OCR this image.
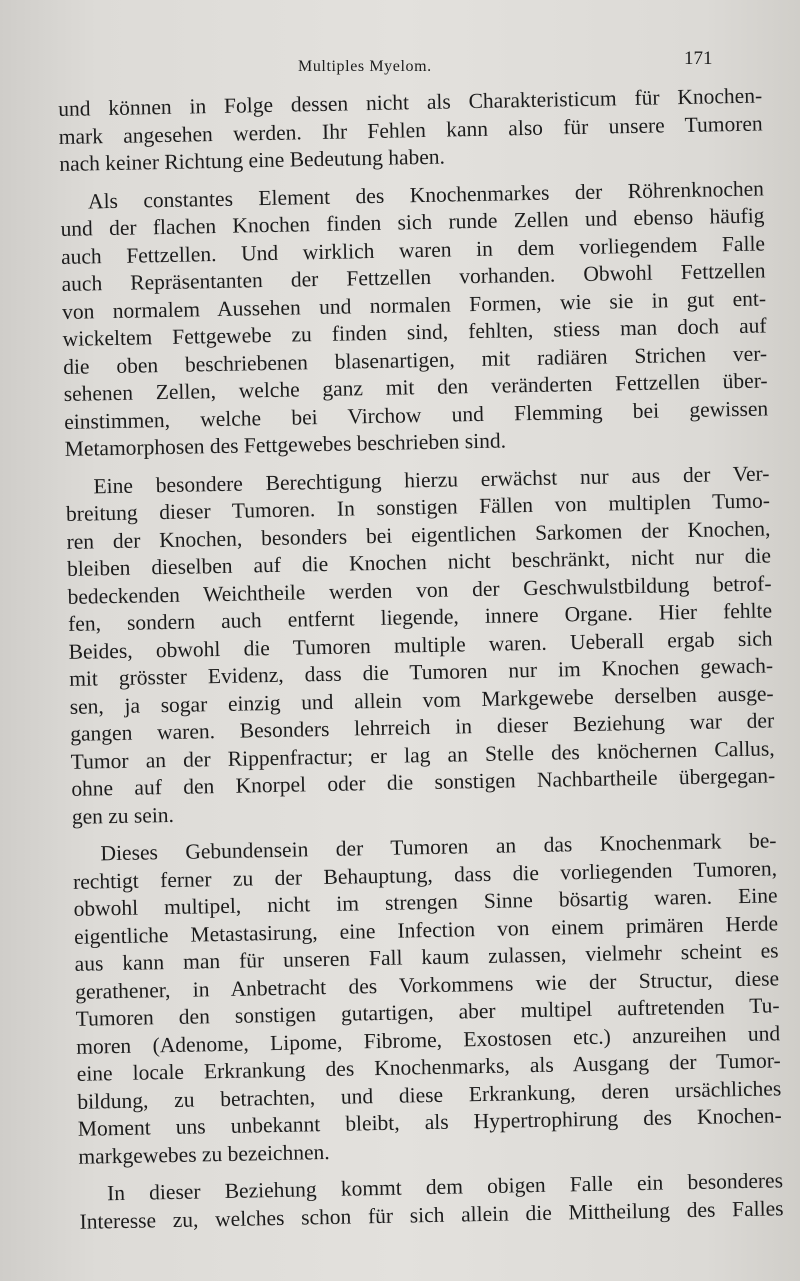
Multiples Myelom.	171
und können in Folge dessen nicht als Charakteristicum für Knochen-
mark angesehen werden. Ihr Fehlen kann also für unsere Tumoren
nach keiner Richtung eine Bedeutung haben.
Als constantes Element des Knochenmarkes der Röhrenknochen
und der flachen Knochen finden sich runde Zellen und ebenso häufig
auch Fettzellen. Und wirklich waren in dem vorliegendem Falle
auch Repräsentanten der Fettzellen vorhanden. Obwohl Fettzellen
von normalem Aussehen und normalen Formen, wie sie in gut ent-
wickeltem Fettgewebe zu finden sind, fehlten, stiess man doch auf
die oben beschriebenen blasenartigen, mit radiären Strichen ver-
sehenen Zellen, welche ganz mit den veränderten Fettzellen über-
einstimmen, welche bei Virchow und Flemming bei gewissen
Metamorphosen des Fettgewebes beschrieben sind.
Eine besondere Berechtigung hierzu erwächst nur aus der Ver-
breitung dieser Tumoren. In sonstigen Fällen von multiplen Tumo-
ren der Knochen, besonders bei eigentlichen Sarkomen der Knochen,
bleiben dieselben auf die Knochen nicht beschränkt, nicht nur die
bedeckenden Weichtheile werden von der Geschwulstbildung betrof-
fen, sondern auch entfernt liegende, innere Organe. Hier fehlte
Beides, obwohl die Tumoren multiple waren. Ueberall ergab sich
mit grösster Evidenz, dass die Tumoren nur im Knochen gewach-
sen, ja sogar einzig und allein vom Markgewebe derselben ausge-
gangen waren. Besonders lehrreich in dieser Beziehung war der
Tumor an der Rippenfractur; er lag an Stelle des knöchernen Callus,
ohne auf den Knorpel oder die sonstigen Nachbartheile übergegan-
gen zu sein.
Dieses Gebundensein der Tumoren an das Knochenmark be-
rechtigt ferner zu der Behauptung, dass die vorliegenden Tumoren,
obwohl multipel, nicht im strengen Sinne bösartig waren. Eine
eigentliche Metastasirung, eine Infection von einem primären Herde
aus kann man für unseren Fall kaum zulassen, vielmehr scheint es
gerathener, in Anbetracht des Vorkommens wie der Structur, diese
Tumoren den sonstigen gutartigen, aber multipel auftretenden Tu-
moren (Adenome, Lipome, Fibrome, Exostosen etc.) anzureihen und
eine locale Erkrankung des Knochenmarks, als Ausgang der Tumor-
bildung, zu betrachten, und diese Erkrankung, deren ursächliches
Moment uns unbekannt bleibt, als Hypertrophirung des Knochen-
markgewebes zu bezeichnen.
In dieser Beziehung kommt dem obigen Falle ein besonderes
Interesse zu, welches schon für sich allein die Mittheilung des Falles
